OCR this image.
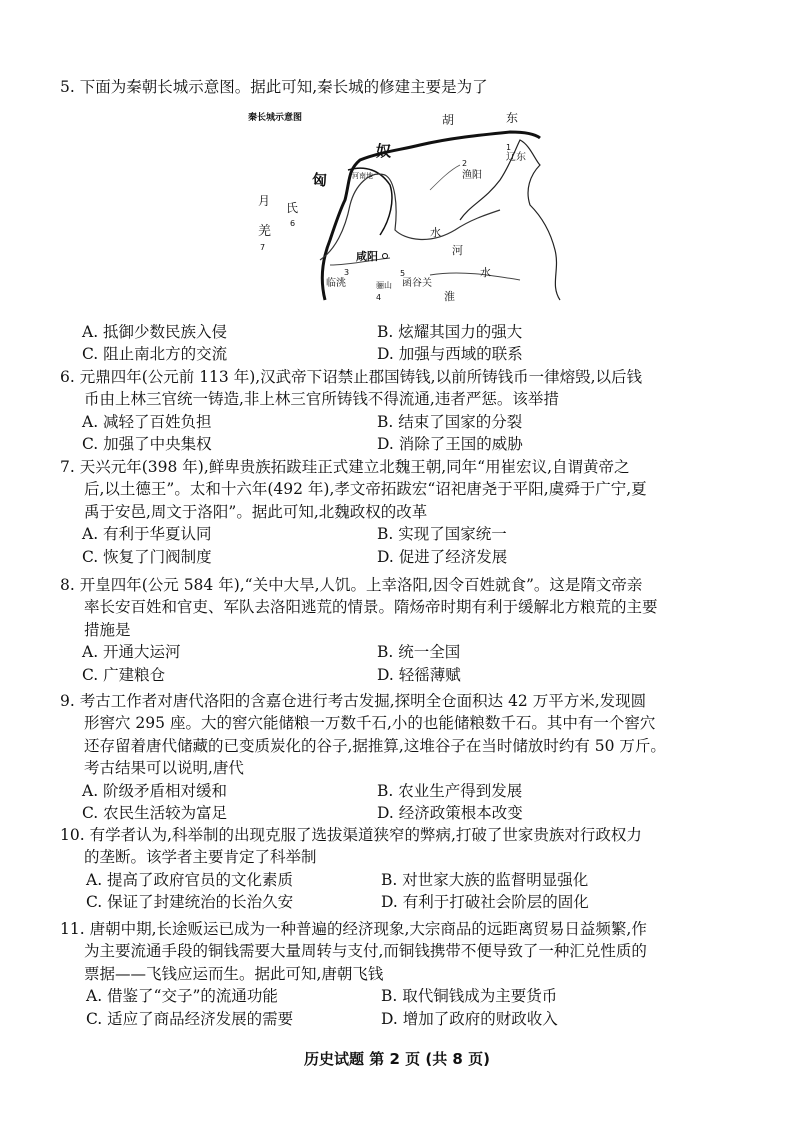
5. 下面为秦朝长城示意图。据此可知,秦长城的修建主要是为了

秦长城示意图	胡	东
奴
匈
辽东
渔阳
河南地
月 氏
羌
咸阳
临洮	骊山 函谷关
水
河
水
淮
1
2
3
4
5
6
7
A. 抵御少数民族入侵	B. 炫耀其国力的强大
C. 阻止南北方的交流	D. 加强与西域的联系

6. 元鼎四年(公元前 113 年),汉武帝下诏禁止郡国铸钱,以前所铸钱币一律熔毁,以后钱

币由上林三官统一铸造,非上林三官所铸钱不得流通,违者严惩。该举措

A. 减轻了百姓负担	B. 结束了国家的分裂
C. 加强了中央集权	D. 消除了王国的威胁

7. 天兴元年(398 年),鲜卑贵族拓跋珪正式建立北魏王朝,同年“用崔宏议,自谓黄帝之

后,以土德王”。太和十六年(492 年),孝文帝拓跋宏“诏祀唐尧于平阳,虞舜于广宁,夏

禹于安邑,周文于洛阳”。据此可知,北魏政权的改革

A. 有利于华夏认同	B. 实现了国家统一
C. 恢复了门阀制度	D. 促进了经济发展

8. 开皇四年(公元 584 年),“关中大旱,人饥。上幸洛阳,因令百姓就食”。这是隋文帝亲

率长安百姓和官吏、军队去洛阳逃荒的情景。隋炀帝时期有利于缓解北方粮荒的主要

措施是

A. 开通大运河	B. 统一全国
C. 广建粮仓	D. 轻徭薄赋

9. 考古工作者对唐代洛阳的含嘉仓进行考古发掘,探明全仓面积达 42 万平方米,发现圆

形窖穴 295 座。大的窖穴能储粮一万数千石,小的也能储粮数千石。其中有一个窖穴

还存留着唐代储藏的已变质炭化的谷子,据推算,这堆谷子在当时储放时约有 50 万斤。

考古结果可以说明,唐代

A. 阶级矛盾相对缓和	B. 农业生产得到发展
C. 农民生活较为富足	D. 经济政策根本改变

10. 有学者认为,科举制的出现克服了选拔渠道狭窄的弊病,打破了世家贵族对行政权力

的垄断。该学者主要肯定了科举制

A. 提高了政府官员的文化素质	B. 对世家大族的监督明显强化
C. 保证了封建统治的长治久安	D. 有利于打破社会阶层的固化

11. 唐朝中期,长途贩运已成为一种普遍的经济现象,大宗商品的远距离贸易日益频繁,作

为主要流通手段的铜钱需要大量周转与支付,而铜钱携带不便导致了一种汇兑性质的

票据——飞钱应运而生。据此可知,唐朝飞钱

A. 借鉴了“交子”的流通功能	B. 取代铜钱成为主要货币
C. 适应了商品经济发展的需要	D. 增加了政府的财政收入
历史试题 第 2 页 (共 8 页)
